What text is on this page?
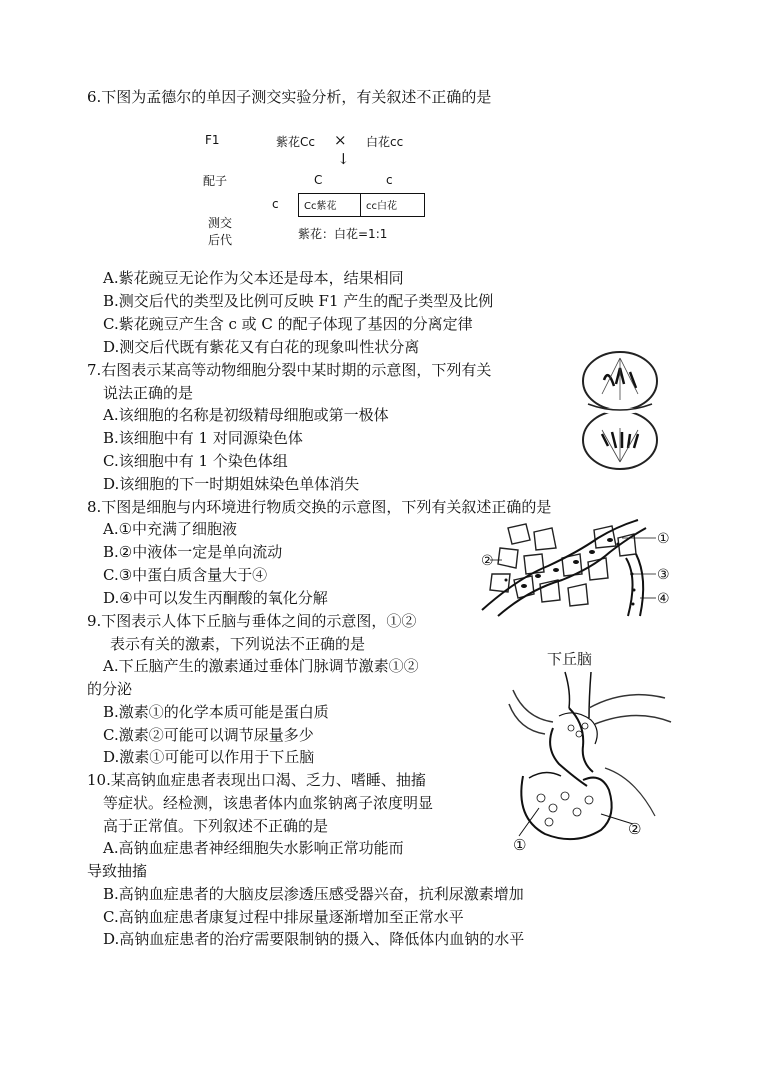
6.下图为孟德尔的单因子测交实验分析，有关叙述不正确的是
F1	紫花Cc × 白花cc
↓
配子	C	c
c	Cc紫花	cc白花
测交
后代	紫花：白花=1:1
A.紫花豌豆无论作为父本还是母本，结果相同
B.测交后代的类型及比例可反映 F1 产生的配子类型及比例
C.紫花豌豆产生含 c 或 C 的配子体现了基因的分离定律
D.测交后代既有紫花又有白花的现象叫性状分离
7.右图表示某高等动物细胞分裂中某时期的示意图，下列有关
说法正确的是
A.该细胞的名称是初级精母细胞或第一极体
B.该细胞中有 1 对同源染色体
C.该细胞中有 1 个染色体组
D.该细胞的下一时期姐妹染色单体消失
8.下图是细胞与内环境进行物质交换的示意图，下列有关叙述正确的是
A.①中充满了细胞液
B.②中液体一定是单向流动
C.③中蛋白质含量大于④
D.④中可以发生丙酮酸的氧化分解
①
②
③
④
9.下图表示人体下丘脑与垂体之间的示意图，①②
表示有关的激素，下列说法不正确的是
A.下丘脑产生的激素通过垂体门脉调节激素①②
的分泌
B.激素①的化学本质可能是蛋白质
C.激素②可能可以调节尿量多少
D.激素①可能可以作用于下丘脑
下丘脑
②
①
10.某高钠血症患者表现出口渴、乏力、嗜睡、抽搐
等症状。经检测，该患者体内血浆钠离子浓度明显
高于正常值。下列叙述不正确的是
A.高钠血症患者神经细胞失水影响正常功能而
导致抽搐
B.高钠血症患者的大脑皮层渗透压感受器兴奋，抗利尿激素增加
C.高钠血症患者康复过程中排尿量逐渐增加至正常水平
D.高钠血症患者的治疗需要限制钠的摄入、降低体内血钠的水平
